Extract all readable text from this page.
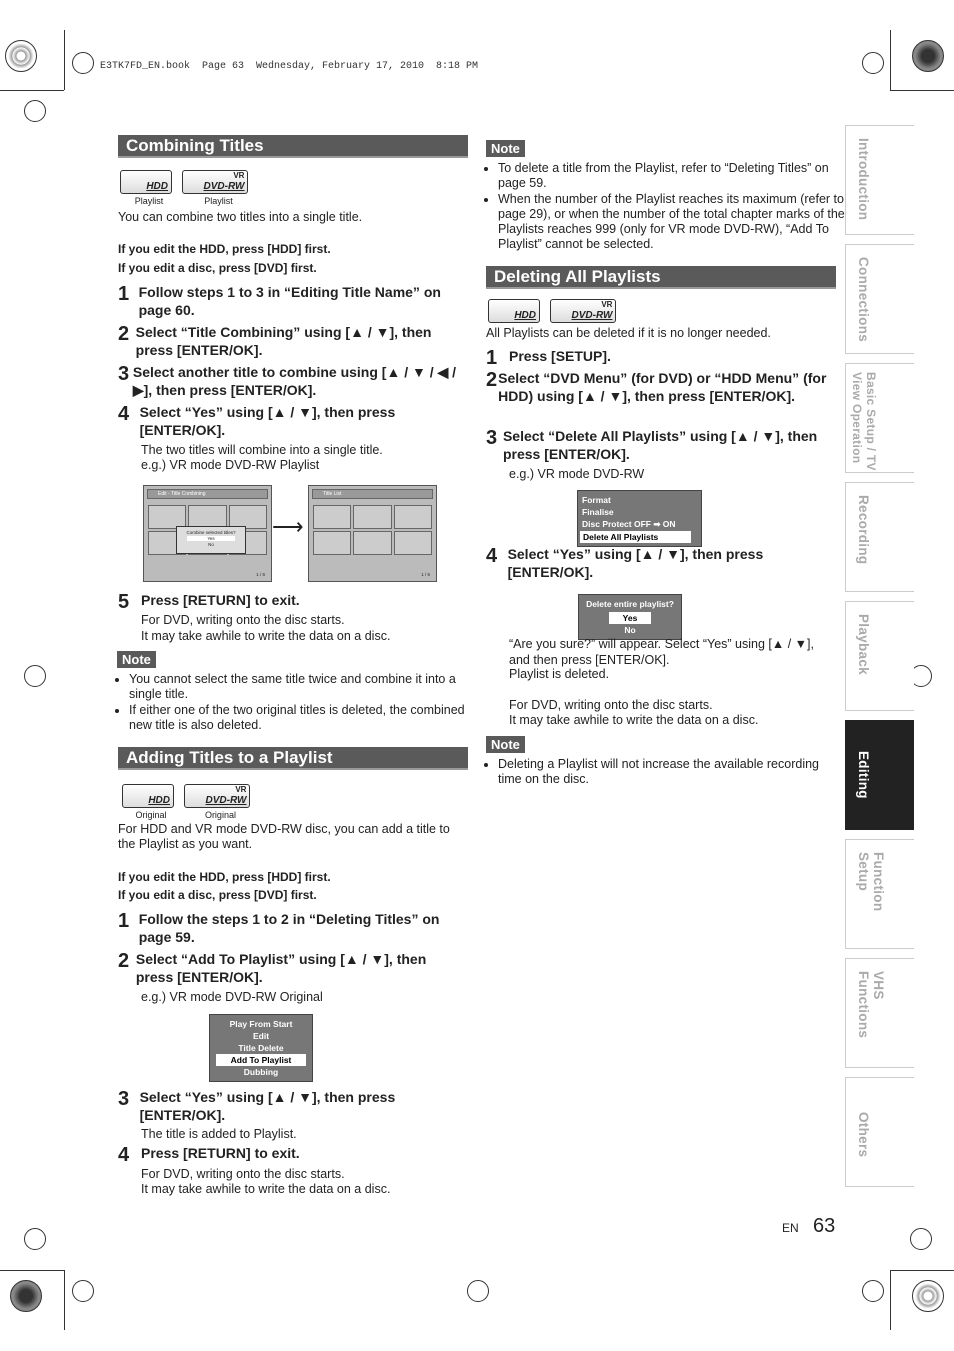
E3TK7FD_EN.book  Page 63  Wednesday, February 17, 2010  8:18 PM
Combining Titles
HDD
Playlist

VR
DVD-RW
Playlist
You can combine two titles into a single title.
If you edit the HDD, press [HDD] first.
If you edit a disc, press [DVD] first.
1 Follow steps 1 to 3 in “Editing Title Name” on page 60.
2 Select “Title Combining” using [▲ / ▼], then press [ENTER/OK].
3 Select another title to combine using [▲ / ▼ / ◀ / ▶], then press [ENTER/OK].
4 Select “Yes” using [▲ / ▼], then press [ENTER/OK].
The two titles will combine into a single title.
e.g.) VR mode DVD-RW Playlist
Edit - Title Combining
Combine selected titles?
Yes
No
1 / 6
⟶
Title List
1 / 6
5 Press [RETURN] to exit.
For DVD, writing onto the disc starts.
It may take awhile to write the data on a disc.
Note
• You cannot select the same title twice and combine it into a single title.
• If either one of the two original titles is deleted, the combined new title is also deleted.
Adding Titles to a Playlist
HDD
Original

VR
DVD-RW
Original
For HDD and VR mode DVD-RW disc, you can add a title to the Playlist as you want.
If you edit the HDD, press [HDD] first.
If you edit a disc, press [DVD] first.
1 Follow the steps 1 to 2 in “Deleting Titles” on page 59.
2 Select “Add To Playlist” using [▲ / ▼], then press [ENTER/OK].
e.g.) VR mode DVD-RW Original
Play From Start
Edit
Title Delete
Add To Playlist
Dubbing
3 Select “Yes” using [▲ / ▼], then press [ENTER/OK].
The title is added to Playlist.
4 Press [RETURN] to exit.
For DVD, writing onto the disc starts.
It may take awhile to write the data on a disc.
Note
• To delete a title from the Playlist, refer to “Deleting Titles” on page 59.
• When the number of the Playlist reaches its maximum (refer to page 29), or when the number of the total chapter marks of the Playlists reaches 999 (only for VR mode DVD-RW), “Add To Playlist” cannot be selected.
Deleting All Playlists
HDD

VR
DVD-RW
All Playlists can be deleted if it is no longer needed.
1 Press [SETUP].
2 Select “DVD Menu” (for DVD) or “HDD Menu” (for HDD) using [▲ / ▼], then press [ENTER/OK].
3 Select “Delete All Playlists” using [▲ / ▼], then press [ENTER/OK].
e.g.) VR mode DVD-RW
Format
Finalise
Disc Protect OFF ➡ ON
Delete All Playlists
4 Select “Yes” using [▲ / ▼], then press [ENTER/OK].
Delete entire playlist?
Yes
No
“Are you sure?” will appear. Select “Yes” using [▲ / ▼], and then press [ENTER/OK].
Playlist is deleted.
For DVD, writing onto the disc starts.
It may take awhile to write the data on a disc.
Note
• Deleting a Playlist will not increase the available recording time on the disc.
Introduction
Connections
Basic Setup / TV View Operation
Recording
Playback
Editing
Function Setup
VHS Functions
Others
EN 63
